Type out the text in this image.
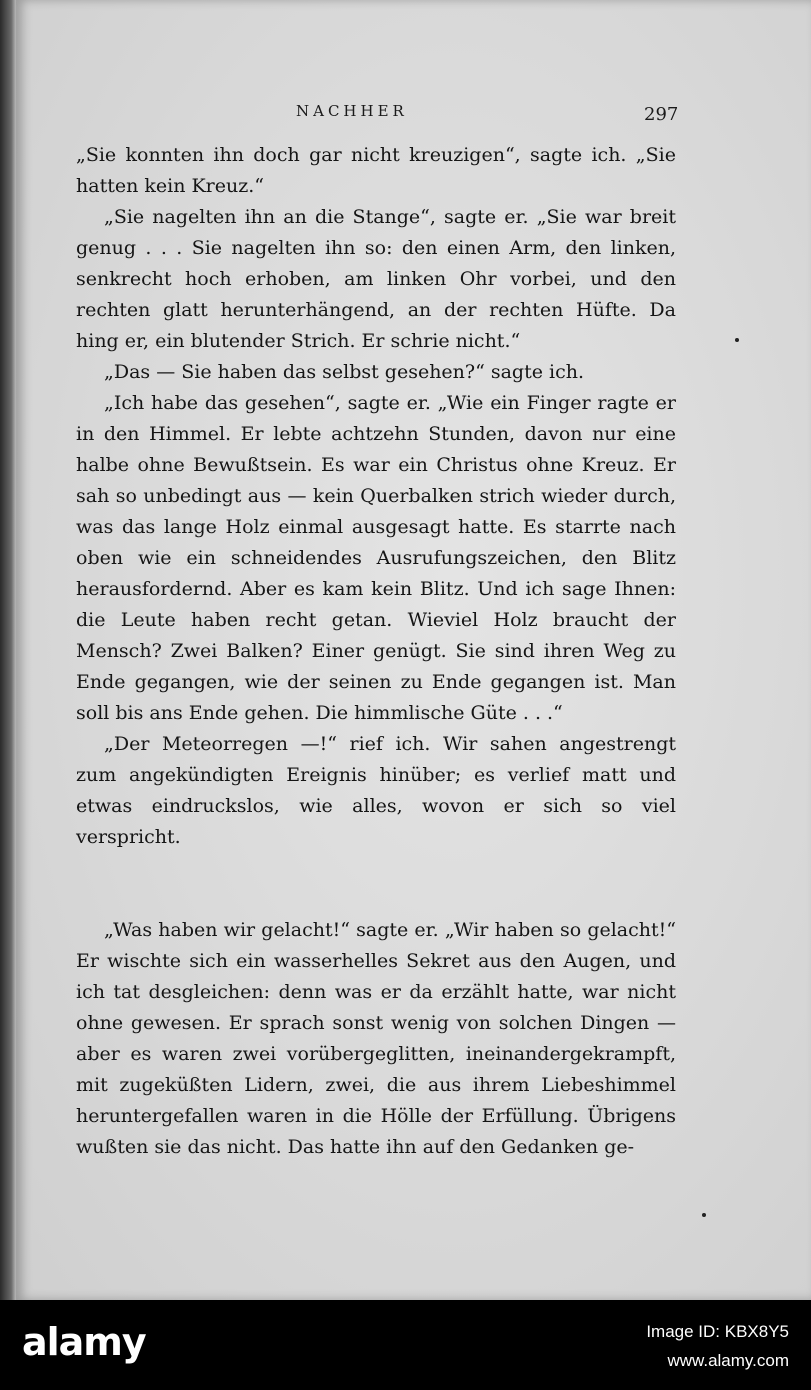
NACHHER	297

„Sie konnten ihn doch gar nicht kreuzigen“, sagte ich. „Sie hatten kein Kreuz.“

„Sie nagelten ihn an die Stange“, sagte er. „Sie war breit genug . . . Sie nagelten ihn so: den einen Arm, den linken, senkrecht hoch erhoben, am linken Ohr vorbei, und den rechten glatt herunterhängend, an der rechten Hüfte. Da hing er, ein blutender Strich. Er schrie nicht.“

„Das — Sie haben das selbst gesehen?“ sagte ich.

„Ich habe das gesehen“, sagte er. „Wie ein Finger ragte er in den Himmel. Er lebte achtzehn Stunden, davon nur eine halbe ohne Bewußtsein. Es war ein Christus ohne Kreuz. Er sah so unbedingt aus — kein Querbalken strich wieder durch, was das lange Holz einmal ausgesagt hatte. Es starrte nach oben wie ein schneidendes Ausrufungszeichen, den Blitz herausfordernd. Aber es kam kein Blitz. Und ich sage Ihnen: die Leute haben recht getan. Wieviel Holz braucht der Mensch? Zwei Balken? Einer genügt. Sie sind ihren Weg zu Ende gegangen, wie der seinen zu Ende gegangen ist. Man soll bis ans Ende gehen. Die himmlische Güte . . .“

„Der Meteorregen —!“ rief ich. Wir sahen angestrengt zum angekündigten Ereignis hinüber; es verlief matt und etwas eindruckslos, wie alles, wovon er sich so viel verspricht.

„Was haben wir gelacht!“ sagte er. „Wir haben so gelacht!“ Er wischte sich ein wasserhelles Sekret aus den Augen, und ich tat desgleichen: denn was er da erzählt hatte, war nicht ohne gewesen. Er sprach sonst wenig von solchen Dingen — aber es waren zwei vorübergeglitten, ineinandergekrampft, mit zugeküßten Lidern, zwei, die aus ihrem Liebeshimmel heruntergefallen waren in die Hölle der Erfüllung. Übrigens wußten sie das nicht. Das hatte ihn auf den Gedanken ge-

alamy	Image ID: KBX8Y5
www.alamy.com
